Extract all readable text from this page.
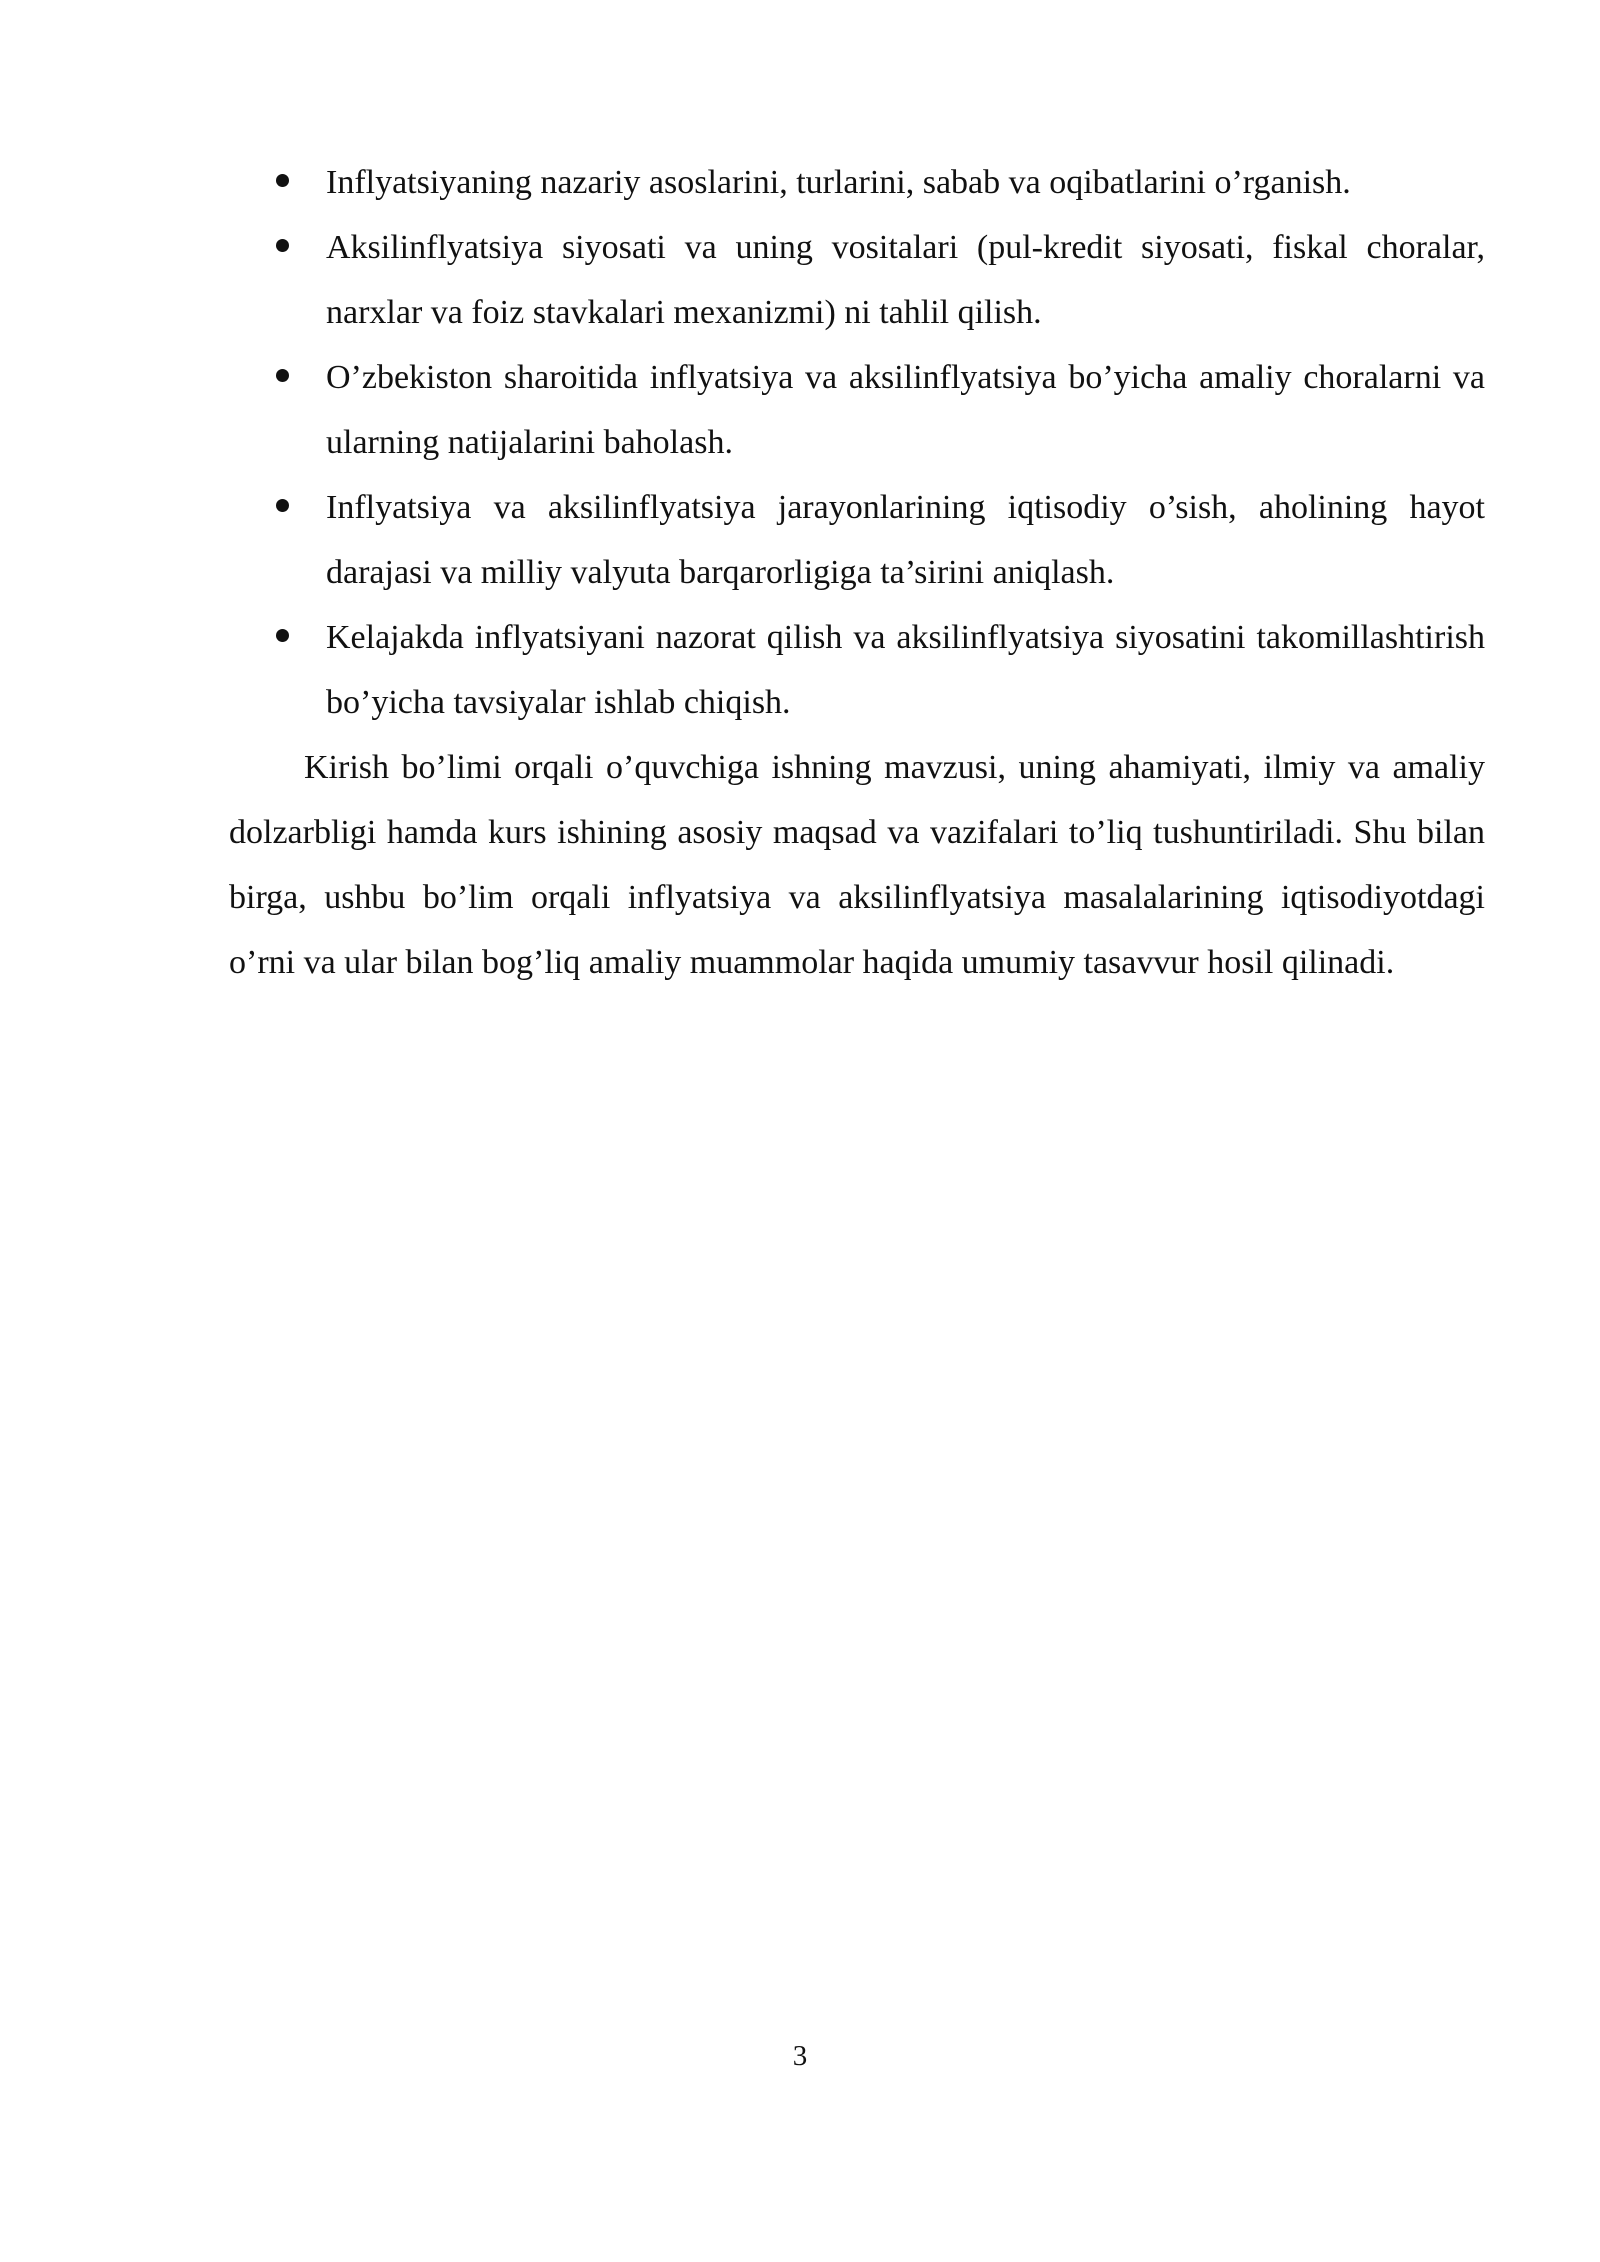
Inflyatsiyaning nazariy asoslarini, turlarini, sabab va oqibatlarini o’rganish.
Aksilinflyatsiya siyosati va uning vositalari (pul-kredit siyosati, fiskal choralar, narxlar va foiz stavkalari mexanizmi) ni tahlil qilish.
O’zbekiston sharoitida inflyatsiya va aksilinflyatsiya bo’yicha amaliy choralarni va ularning natijalarini baholash.
Inflyatsiya va aksilinflyatsiya jarayonlarining iqtisodiy o’sish, aholining hayot darajasi va milliy valyuta barqarorligiga ta’sirini aniqlash.
Kelajakda inflyatsiyani nazorat qilish va aksilinflyatsiya siyosatini takomillashtirish bo’yicha tavsiyalar ishlab chiqish.

Kirish bo’limi orqali o’quvchiga ishning mavzusi, uning ahamiyati, ilmiy va amaliy dolzarbligi hamda kurs ishining asosiy maqsad va vazifalari to’liq tushuntiriladi. Shu bilan birga, ushbu bo’lim orqali inflyatsiya va aksilinflyatsiya masalalarining iqtisodiyotdagi o’rni va ular bilan bog’liq amaliy muammolar haqida umumiy tasavvur hosil qilinadi.

3
